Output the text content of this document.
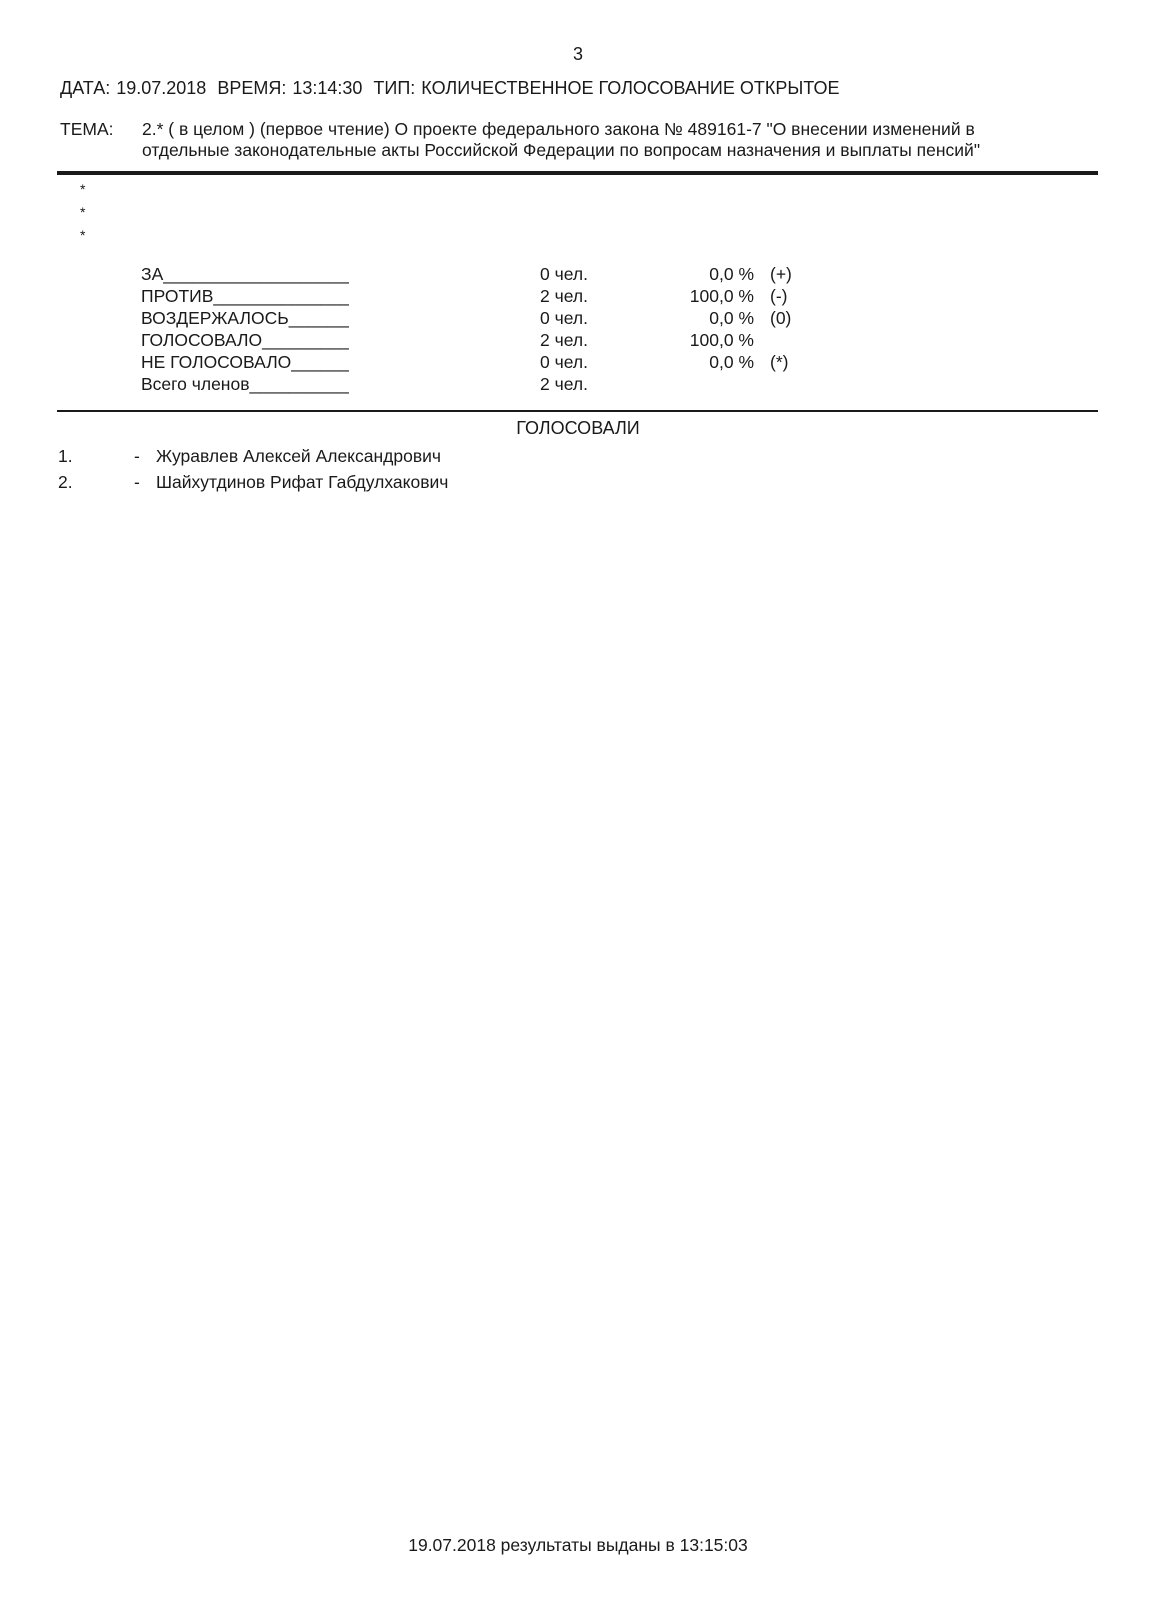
3
ДАТА: 19.07.2018 ВРЕМЯ: 13:14:30 ТИП: КОЛИЧЕСТВЕННОЕ ГОЛОСОВАНИЕ ОТКРЫТОЕ
ТЕМА: 2.* ( в целом ) (первое чтение) О проекте федерального закона № 489161-7 "О внесении изменений в
отдельные законодательные акты Российской Федерации по вопросам назначения и выплаты пенсий"
*
*
*
ЗА _____	0 чел.	0,0 % (+)
ПРОТИВ _____	2 чел.	100,0 % (-)
ВОЗДЕРЖАЛОСЬ _____	0 чел.	0,0 % (0)
ГОЛОСОВАЛО _____	2 чел.	100,0 %
НЕ ГОЛОСОВАЛО _____	0 чел.	0,0 % (*)
Всего членов _____	2 чел.
ГОЛОСОВАЛИ
1.	- Журавлев Алексей Александрович
2.	- Шайхутдинов Рифат Габдулхакович
19.07.2018 результаты выданы в 13:15:03
